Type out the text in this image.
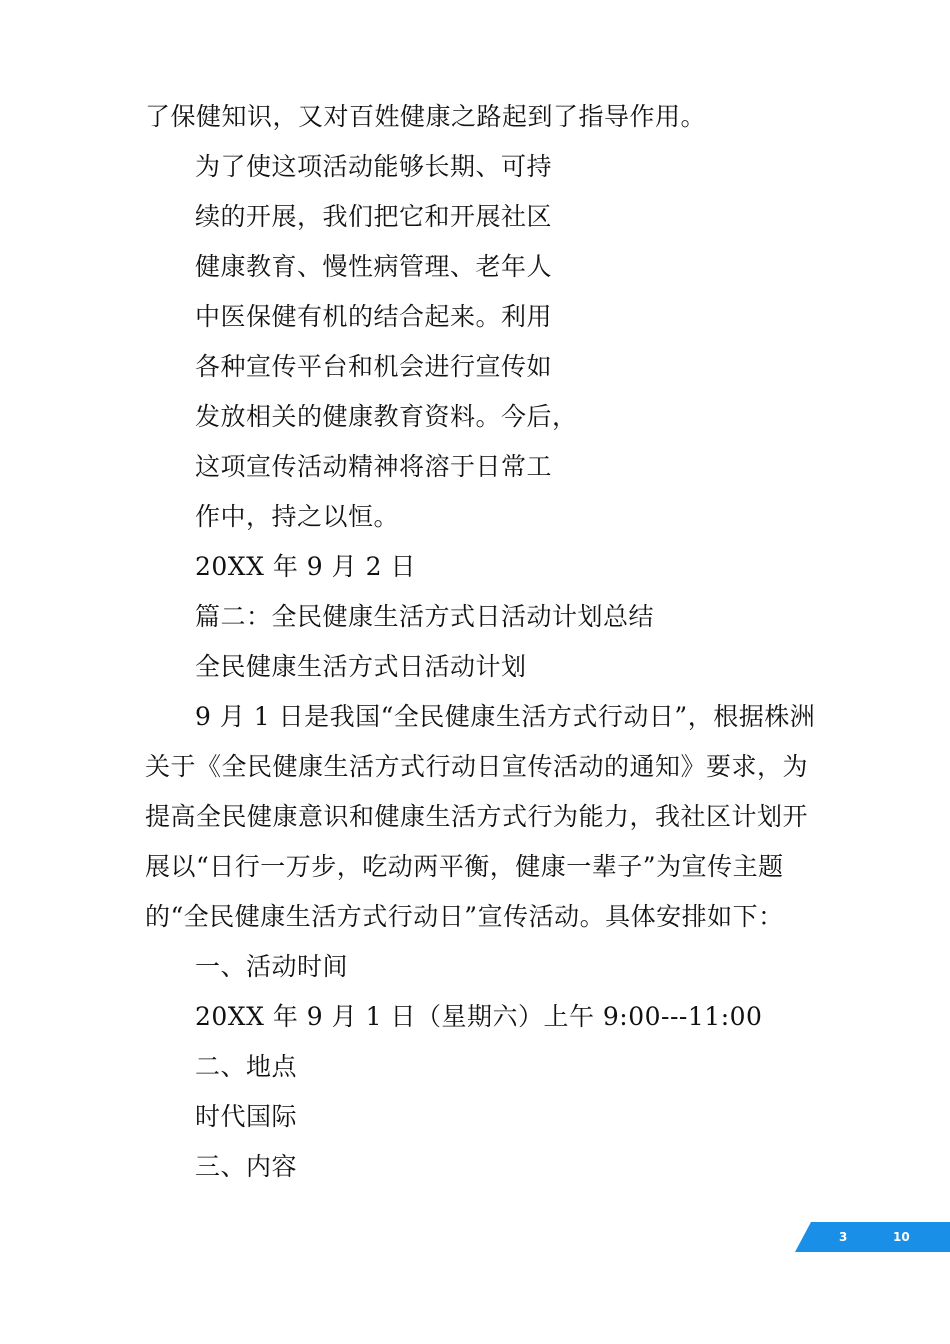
了保健知识，又对百姓健康之路起到了指导作用。
为了使这项活动能够长期、可持
续的开展，我们把它和开展社区
健康教育、慢性病管理、老年人
中医保健有机的结合起来。利用
各种宣传平台和机会进行宣传如
发放相关的健康教育资料。今后，
这项宣传活动精神将溶于日常工
作中，持之以恒。
20XX 年 9 月 2 日
篇二：全民健康生活方式日活动计划总结
全民健康生活方式日活动计划
9 月 1 日是我国“全民健康生活方式行动日”，根据株洲
关于《全民健康生活方式行动日宣传活动的通知》要求，为
提高全民健康意识和健康生活方式行为能力，我社区计划开
展以“日行一万步，吃动两平衡，健康一辈子”为宣传主题
的“全民健康生活方式行动日”宣传活动。具体安排如下：
一、活动时间
20XX 年 9 月 1 日（星期六）上午 9:00---11:00
二、地点
时代国际
三、内容
3	10
